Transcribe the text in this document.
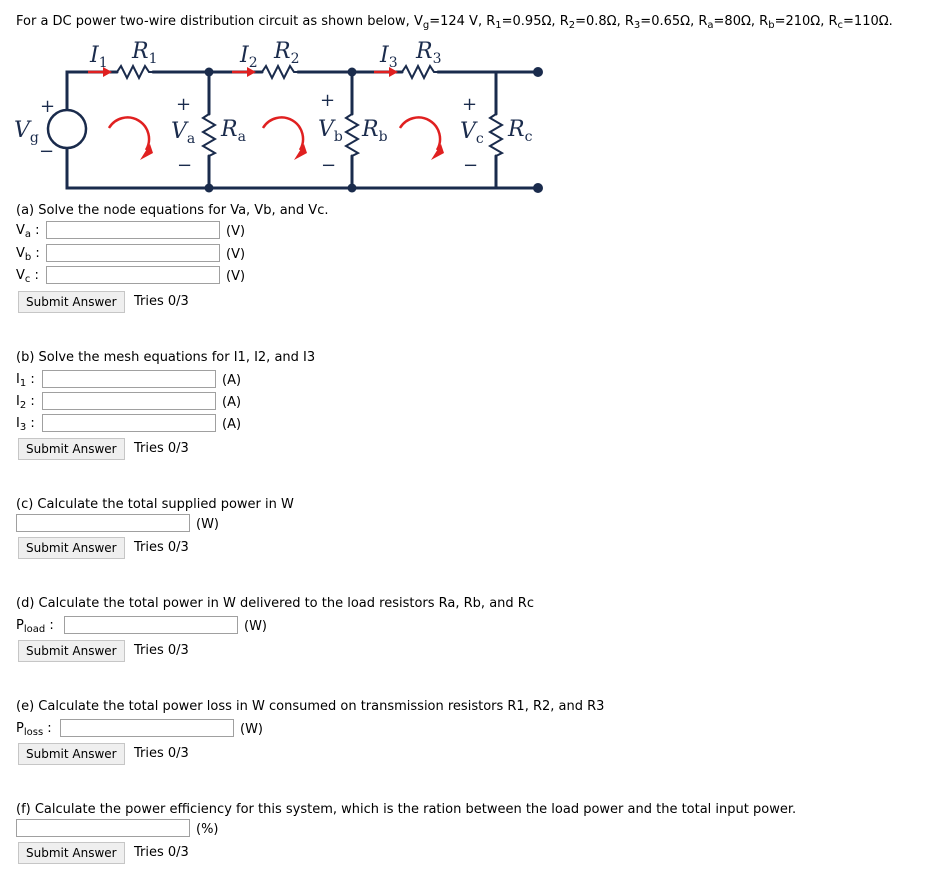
For a DC power two-wire distribution circuit as shown below, $V_g=124$ V, $R_1=0.95\Omega$, $R_2=0.8\Omega$, $R_3=0.65\Omega$, $R_a=80\Omega$, $R_b=210\Omega$, $R_c=110\Omega$.
$I_1$ $R_1$	$I_2$ $R_2$	$I_3$ $R_3$
$V_g$	$V_a$ $R_a$	$V_b$ $R_b$	$V_c$ $R_c$
+
−
+
−
+
−
+
−
(a) Solve the node equations for Va, Vb, and Vc.
$V_a$ :	(V)
$V_b$ :	(V)
$V_c$ :	(V)
Submit Answer	Tries 0/3
(b) Solve the mesh equations for I1, I2, and I3
$I_1$ :	(A)
$I_2$ :	(A)
$I_3$ :	(A)
Submit Answer	Tries 0/3
(c) Calculate the total supplied power in W
(W)
Submit Answer	Tries 0/3
(d) Calculate the total power in W delivered to the load resistors Ra, Rb, and Rc
$P_{load}$ :	(W)
Submit Answer	Tries 0/3
(e) Calculate the total power loss in W consumed on transmission resistors R1, R2, and R3
$P_{loss}$ :	(W)
Submit Answer	Tries 0/3
(f) Calculate the power efficiency for this system, which is the ration between the load power and the total input power.
(%)
Submit Answer	Tries 0/3
